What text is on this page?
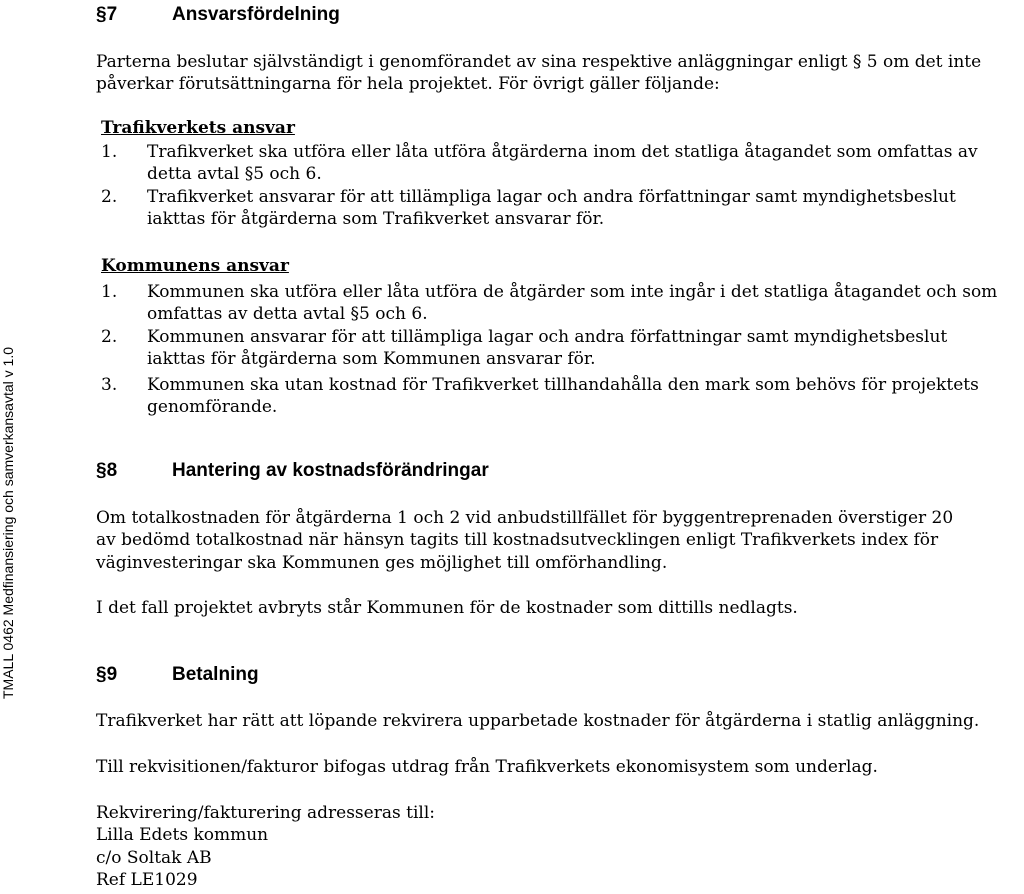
TMALL 0462 Medfinansiering och samverkansavtal v 1.0
§7	Ansvarsfördelning
Parterna beslutar självständigt i genomförandet av sina respektive anläggningar enligt § 5 om det inte
påverkar förutsättningarna för hela projektet. För övrigt gäller följande:
Trafikverkets ansvar
1.	Trafikverket ska utföra eller låta utföra åtgärderna inom det statliga åtagandet som omfattas av
detta avtal §5 och 6.
2.	Trafikverket ansvarar för att tillämpliga lagar och andra författningar samt myndighetsbeslut
iakttas för åtgärderna som Trafikverket ansvarar för.
Kommunens ansvar
1.	Kommunen ska utföra eller låta utföra de åtgärder som inte ingår i det statliga åtagandet och som
omfattas av detta avtal §5 och 6.
2.	Kommunen ansvarar för att tillämpliga lagar och andra författningar samt myndighetsbeslut
iakttas för åtgärderna som Kommunen ansvarar för.
3.	Kommunen ska utan kostnad för Trafikverket tillhandahålla den mark som behövs för projektets
genomförande.
§8	Hantering av kostnadsförändringar
Om totalkostnaden för åtgärderna 1 och 2 vid anbudstillfället för byggentreprenaden överstiger 20
av bedömd totalkostnad när hänsyn tagits till kostnadsutvecklingen enligt Trafikverkets index för
väginvesteringar ska Kommunen ges möjlighet till omförhandling.
I det fall projektet avbryts står Kommunen för de kostnader som dittills nedlagts.
§9	Betalning
Trafikverket har rätt att löpande rekvirera upparbetade kostnader för åtgärderna i statlig anläggning.
Till rekvisitionen/fakturor bifogas utdrag från Trafikverkets ekonomisystem som underlag.
Rekvirering/fakturering adresseras till:
Lilla Edets kommun
c/o Soltak AB
Ref LE1029
